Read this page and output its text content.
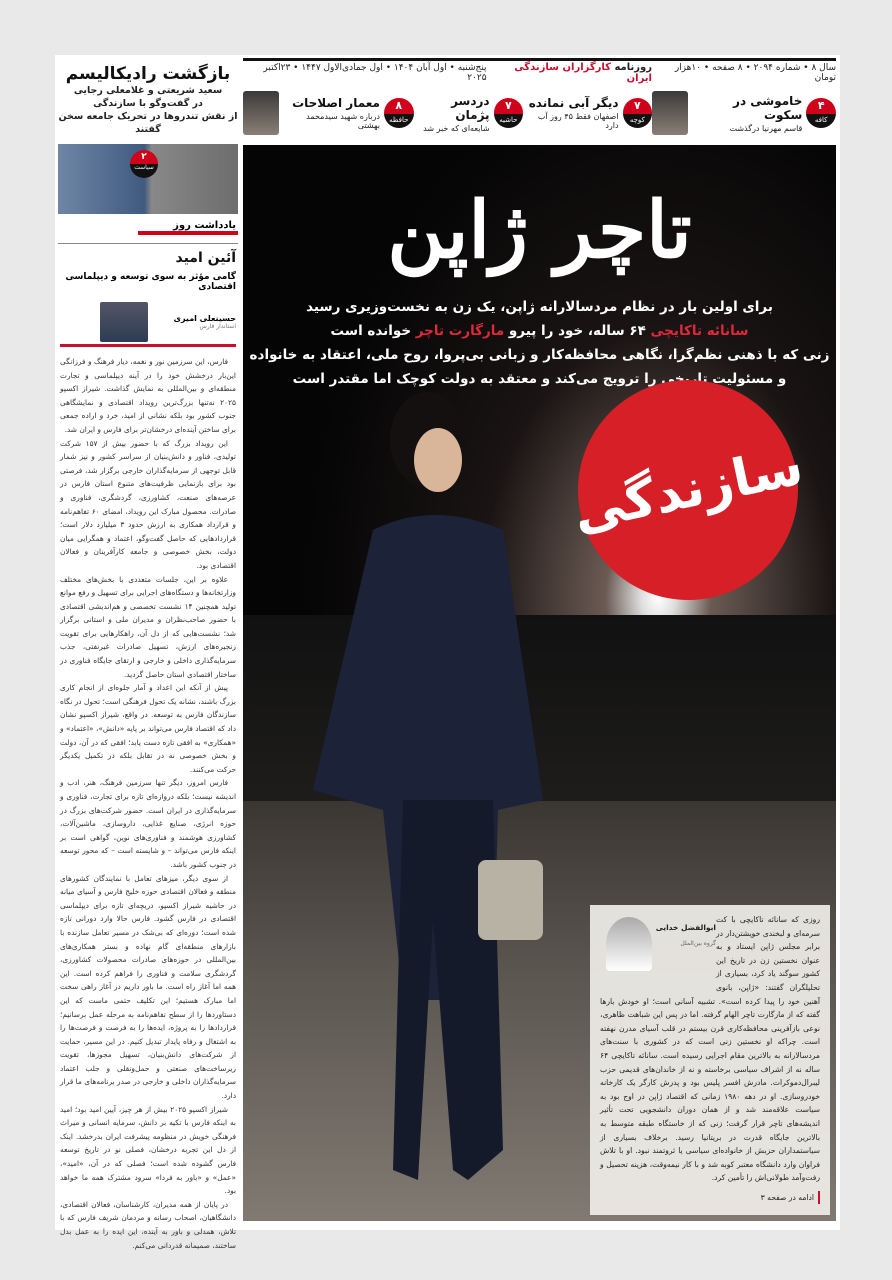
سال ۸ • شماره ۲۰۹۴ • ۸ صفحه • ۱۰هزار تومان
روزنامه کارگزاران سازندگی ایران
پنج‌شنبه • اول آبان ۱۴۰۴ • اول جمادی‌الاول ۱۴۴۷ • ۲۳اکتبر ۲۰۲۵
۴
کافه
خاموشی در سکوت
قاسم مهرنیا درگذشت
۷
کوچه
دیگر آبی نمانده
اصفهان فقط ۴۵ روز آب دارد
۷
حاشیه
دردسر پژمان
شایعه‌ای که خبر شد
۸
حافظه
معمار اصلاحات
درباره شهید سیدمحمد بهشتی
بازگشت رادیکالیسم

سعید شریعتی و غلامعلی رجایی

در گفت‌وگو با سازندگی

از نقش تندروها در تحریک جامعه سخن گفتند

۲
سیاست
یادداشت روز
آئین امید
گامی مؤثر به سوی توسعه و دیپلماسی اقتصادی
حسینعلی امیری
استاندار فارس

فارس، این سرزمین نور و نغمه، دیار فرهنگ و فرزانگی این‌بار درخشش خود را در آینه دیپلماسی و تجارت منطقه‌ای و بین‌المللی به نمایش گذاشت. شیراز اکسپو ۲۰۲۵ نه‌تنها بزرگ‌ترین رویداد اقتصادی و نمایشگاهی جنوب کشور بود بلکه نشانی از امید، خرد و اراده جمعی برای ساختن آینده‌ای درخشان‌تر برای فارس و ایران شد.

این رویداد بزرگ که با حضور بیش از ۱۵۷ شرکت تولیدی، فناور و دانش‌بنیان از سراسر کشور و نیز شمار قابل توجهی از سرمایه‌گذاران خارجی برگزار شد، فرصتی بود برای بازنمایی ظرفیت‌های متنوع استان فارس در عرصه‌های صنعت، کشاورزی، گردشگری، فناوری و صادرات. محصول مبارک این رویداد، امضای ۶۰ تفاهم‌نامه و قرارداد همکاری به ارزش حدود ۳ میلیارد دلار است؛ قراردادهایی که حاصل گفت‌وگو، اعتماد و همگرایی میان دولت، بخش خصوصی و جامعه کارآفرینان و فعالان اقتصادی بود.

علاوه بر این، جلسات متعددی با بخش‌های مختلف وزارتخانه‌ها و دستگاه‌های اجرایی برای تسهیل و رفع موانع تولید همچنین ۱۴ نشست تخصصی و هم‌اندیشی اقتصادی با حضور صاحب‌نظران و مدیران ملی و استانی برگزار شد؛ نشست‌هایی که از دل آن، راهکارهایی برای تقویت زنجیره‌های ارزش، تسهیل صادرات غیرنفتی، جذب سرمایه‌گذاری داخلی و خارجی و ارتقای جایگاه فناوری در ساختار اقتصادی استان حاصل گردید.

پیش از آنکه این اعداد و آمار جلوه‌ای از انجام کاری بزرگ باشند، نشانه یک تحول فرهنگی است؛ تحول در نگاه سازندگان فارس به توسعه. در واقع، شیراز اکسپو نشان داد که اقتصاد فارس می‌تواند بر پایه «دانش»، «اعتماد» و «همکاری» به افقی تازه دست یابد؛ افقی که در آن، دولت و بخش خصوصی نه در تقابل بلکه در تکمیل یکدیگر حرکت می‌کنند.

فارس امروز، دیگر تنها سرزمین فرهنگ، هنر، ادب و اندیشه نیست؛ بلکه دروازه‌ای تازه برای تجارت، فناوری و سرمایه‌گذاری در ایران است. حضور شرکت‌های بزرگ در حوزه انرژی، صنایع غذایی، داروسازی، ماشین‌آلات، کشاورزی هوشمند و فناوری‌های نوین، گواهی است بر اینکه فارس می‌تواند – و شایسته است – که محور توسعه در جنوب کشور باشد.

از سوی دیگر، میزهای تعامل با نمایندگان کشورهای منطقه و فعالان اقتصادی حوزه خلیج فارس و آسیای میانه در حاشیه شیراز اکسپو، دریچه‌ای تازه برای دیپلماسی اقتصادی در فارس گشود. فارس حالا وارد دورانی تازه شده است؛ دوره‌ای که بی‌شک در مسیر تعامل سازنده با بازارهای منطقه‌ای گام نهاده و بستر همکاری‌های بین‌المللی در حوزه‌های صادرات محصولات کشاورزی، گردشگری سلامت و فناوری را فراهم کرده است. این همه اما آغاز راه است. ما باور داریم در آغاز راهی سخت اما مبارک هستیم؛ این تکلیف حتمی ماست که این دستاوردها را از سطح تفاهم‌نامه به مرحله عمل برسانیم؛ قراردادها را به پروژه، ایده‌ها را به فرصت و فرصت‌ها را به اشتغال و رفاه پایدار تبدیل کنیم. در این مسیر، حمایت از شرکت‌های دانش‌بنیان، تسهیل مجوزها، تقویت زیرساخت‌های صنعتی و حمل‌ونقلی و جلب اعتماد سرمایه‌گذاران داخلی و خارجی در صدر برنامه‌های ما قرار دارد.

شیراز اکسپو ۲۰۲۵ بیش از هر چیز، آیین امید بود؛ امید به اینکه فارس با تکیه بر دانش، سرمایه انسانی و میراث فرهنگی خویش در منظومه پیشرفت ایران بدرخشد. اینک از دل این تجربه درخشان، فصلی نو در تاریخ توسعه فارس گشوده شده است؛ فصلی که در آن، «امید»، «عمل» و «باور به فردا» سرود مشترک همه ما خواهد بود.

در پایان از همه مدیران، کارشناسان، فعالان اقتصادی، دانشگاهیان، اصحاب رسانه و مردمان شریف فارس که با تلاش، همدلی و باور به آینده، این ایده را به عمل بدل ساختند، صمیمانه قدردانی می‌کنم.

تاچر ژاپن
برای اولین بار در نظام مردسالارانه ژاپن، یک زن به نخست‌وزیری رسید
سانائه تاکایچی ۶۴ ساله، خود را پیرو مارگارت تاچر خوانده است
زنی که با ذهنی نظم‌گرا، نگاهی محافظه‌کار و زبانی بی‌پروا، روح ملی، اعتقاد به خانواده
و مسئولیت تاریخی را ترویج می‌کند و معتقد به دولت کوچک اما مقتدر است
سازندگی
ابوالفضل خدایی
گروه بین‌الملل
روزی که سانائه تاکایچی با کت سرمه‌ای و لبخندی خویشتن‌دار در برابر مجلس ژاپن ایستاد و به عنوان نخستین زن در تاریخ این کشور سوگند یاد کرد، بسیاری از تحلیلگران گفتند: «ژاپن، بانوی آهنین خود را پیدا کرده است». تشبیه آسانی است؛ او خودش بارها گفته که از مارگارت تاچر الهام گرفته. اما در پس این شباهت ظاهری، نوعی بازآفرینی محافظه‌کاری قرن بیستم در قلب آسیای مدرن نهفته است. چراکه او نخستین زنی است که در کشوری با سنت‌های مردسالارانه به بالاترین مقام اجرایی رسیده است. سانائه تاکایچی ۶۴ ساله نه از اشراف سیاسی برخاسته و نه از خاندان‌های قدیمی حزب لیبرال‌دموکرات. مادرش افسر پلیس بود و پدرش کارگر یک کارخانه خودروسازی. او در دهه ۱۹۸۰ زمانی که اقتصاد ژاپن در اوج بود به سیاست علاقه‌مند شد و از همان دوران دانشجویی تحت تأثیر اندیشه‌های تاچر قرار گرفت؛ زنی که از خاستگاه طبقه متوسط به بالاترین جایگاه قدرت در بریتانیا رسید. برخلاف بسیاری از سیاستمداران حزبش از خانواده‌ای سیاسی یا ثروتمند نبود. او با تلاش فراوان وارد دانشگاه معتبر کوبه شد و با کار نیمه‌وقت، هزینه تحصیل و رفت‌وآمد طولانی‌اش را تأمین کرد.
ادامه در صفحه ۳
